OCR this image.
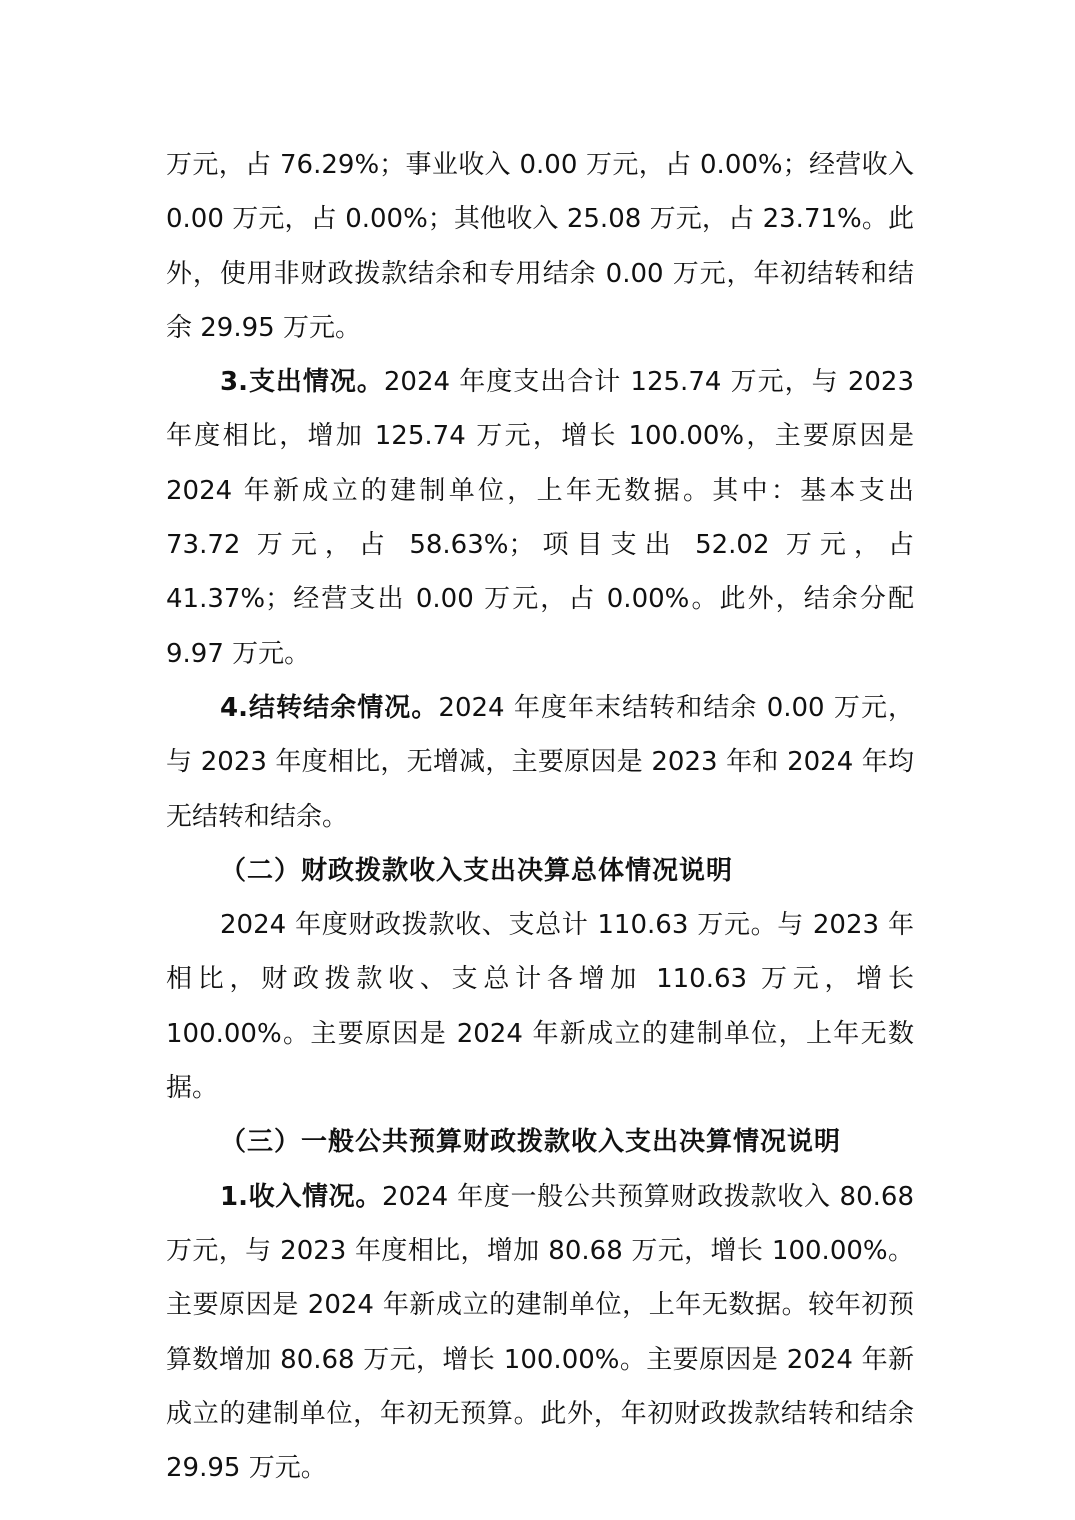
万元，占 76.29%；事业收入 0.00 万元，占 0.00%；经营收入 0.00 万元，占 0.00%；其他收入 25.08 万元，占 23.71%。此外，使用非财政拨款结余和专用结余 0.00 万元，年初结转和结余 29.95 万元。

3.支出情况。2024 年度支出合计 125.74 万元，与 2023 年度相比，增加 125.74 万元，增长 100.00%，主要原因是 2024 年新成立的建制单位，上年无数据。其中：基本支出 73.72 万元，占 58.63%；项目支出 52.02 万元，占 41.37%；经营支出 0.00 万元，占 0.00%。此外，结余分配 9.97 万元。

4.结转结余情况。2024 年度年末结转和结余 0.00 万元，与 2023 年度相比，无增减，主要原因是 2023 年和 2024 年均无结转和结余。

（二）财政拨款收入支出决算总体情况说明

2024 年度财政拨款收、支总计 110.63 万元。与 2023 年相比，财政拨款收、支总计各增加 110.63 万元，增长 100.00%。主要原因是 2024 年新成立的建制单位，上年无数据。

（三）一般公共预算财政拨款收入支出决算情况说明

1.收入情况。2024 年度一般公共预算财政拨款收入 80.68 万元，与 2023 年度相比，增加 80.68 万元，增长 100.00%。主要原因是 2024 年新成立的建制单位，上年无数据。较年初预算数增加 80.68 万元，增长 100.00%。主要原因是 2024 年新成立的建制单位，年初无预算。此外，年初财政拨款结转和结余 29.95 万元。
